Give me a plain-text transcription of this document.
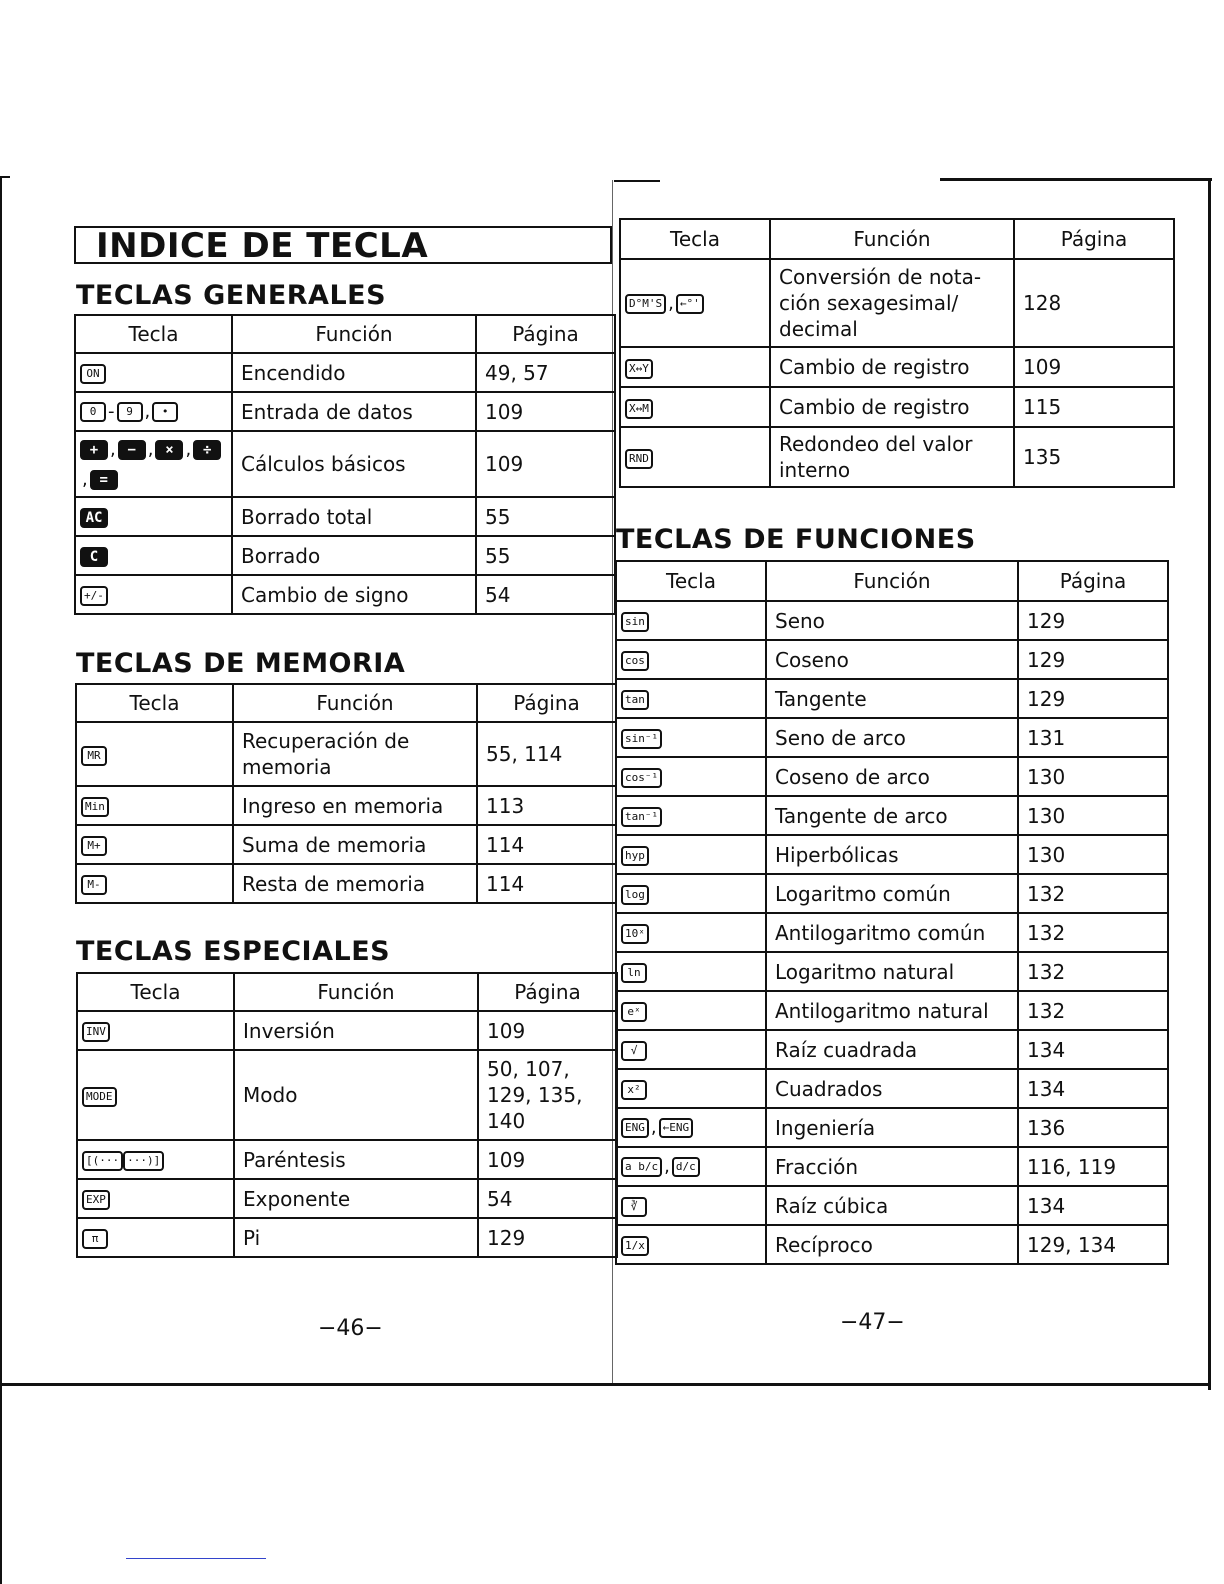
INDICE DE TECLA
TECLAS GENERALES
TECLAS DE MEMORIA
TECLAS ESPECIALES
TECLAS DE FUNCIONES
Tecla	Función	Página
ON	Encendido	49, 57
0 - 9 , •	Entrada de datos	109
+ , − , × , ÷, =	Cálculos básicos	109
AC	Borrado total	55
C	Borrado	55
+/-	Cambio de signo	54
Tecla	Función	Página
MR	Recuperación de memoria	55, 114
Min	Ingreso en memoria	113
M+	Suma de memoria	114
M-	Resta de memoria	114
Tecla	Función	Página
INV	Inversión	109
MODE	Modo	50, 107, 129, 135, 140
[(··· ···)]	Paréntesis	109
EXP	Exponente	54
π	Pi	129
Tecla	Función	Página
D°M'S , ←°'	Conversión de nota-ción sexagesimal/ decimal	128
X↔Y	Cambio de registro	109
X↔M	Cambio de registro	115
RND	Redondeo del valor interno	135
Tecla	Función	Página
sin	Seno	129
cos	Coseno	129
tan	Tangente	129
sin⁻¹	Seno de arco	131
cos⁻¹	Coseno de arco	130
tan⁻¹	Tangente de arco	130
hyp	Hiperbólicas	130
log	Logaritmo común	132
10ˣ	Antilogaritmo común	132
ln	Logaritmo natural	132
eˣ	Antilogaritmo natural	132
√	Raíz cuadrada	134
x²	Cuadrados	134
ENG , ←ENG	Ingeniería	136
a b/c , d/c	Fracción	116, 119
∛	Raíz cúbica	134
1/x	Recíproco	129, 134
−46−	−47−
